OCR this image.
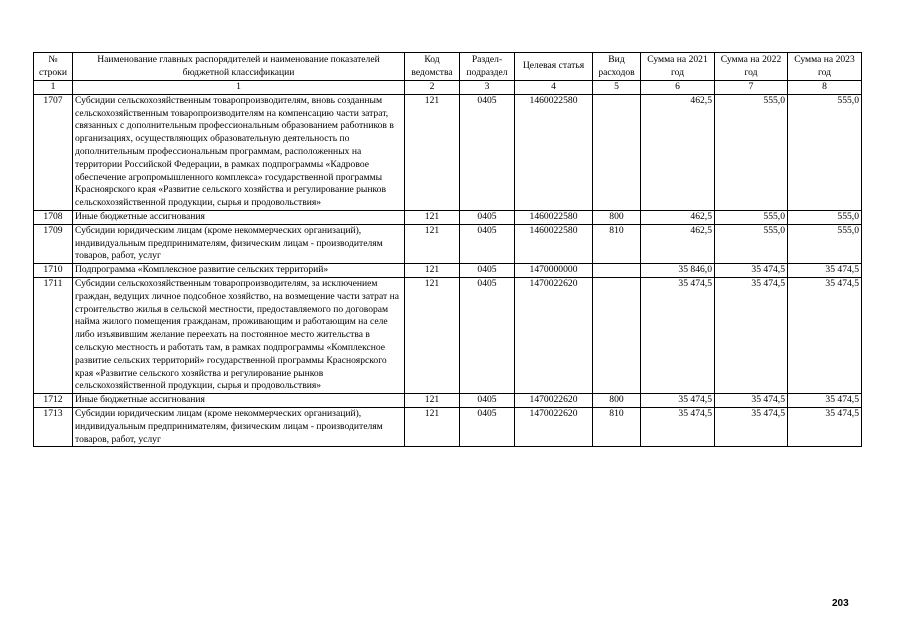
№ строки	Наименование главных распорядителей и наименование показателей бюджетной классификации	Код ведомства	Раздел-подраздел	Целевая статья	Вид расходов	Сумма на 2021 год	Сумма на 2022 год	Сумма на 2023 год
1	1	2	3	4	5	6	7	8
1707	Субсидии сельскохозяйственным товаропроизводителям, вновь созданным сельскохозяйственным товаропроизводителям на компенсацию части затрат, связанных с дополнительным профессиональным образованием работников в организациях, осуществляющих образовательную деятельность по дополнительным профессиональным программам, расположенных на территории Российской Федерации, в рамках подпрограммы «Кадровое обеспечение агропромышленного комплекса» государственной программы Красноярского края «Развитие сельского хозяйства и регулирование рынков сельскохозяйственной продукции, сырья и продовольствия»	121	0405	1460022580		462,5	555,0	555,0
1708	Иные бюджетные ассигнования	121	0405	1460022580	800	462,5	555,0	555,0
1709	Субсидии юридическим лицам (кроме некоммерческих организаций), индивидуальным предпринимателям, физическим лицам - производителям товаров, работ, услуг	121	0405	1460022580	810	462,5	555,0	555,0
1710	Подпрограмма «Комплексное развитие сельских территорий»	121	0405	1470000000		35 846,0	35 474,5	35 474,5
1711	Субсидии сельскохозяйственным товаропроизводителям, за исключением граждан, ведущих личное подсобное хозяйство, на возмещение части затрат на строительство жилья в сельской местности, предоставляемого по договорам найма жилого помещения гражданам, проживающим и работающим на селе либо изъявившим желание переехать на постоянное место жительства в сельскую местность и работать там, в рамках подпрограммы «Комплексное развитие сельских территорий» государственной программы Красноярского края «Развитие сельского хозяйства и регулирование рынков сельскохозяйственной продукции, сырья и продовольствия»	121	0405	1470022620		35 474,5	35 474,5	35 474,5
1712	Иные бюджетные ассигнования	121	0405	1470022620	800	35 474,5	35 474,5	35 474,5
1713	Субсидии юридическим лицам (кроме некоммерческих организаций), индивидуальным предпринимателям, физическим лицам - производителям товаров, работ, услуг	121	0405	1470022620	810	35 474,5	35 474,5	35 474,5
203
